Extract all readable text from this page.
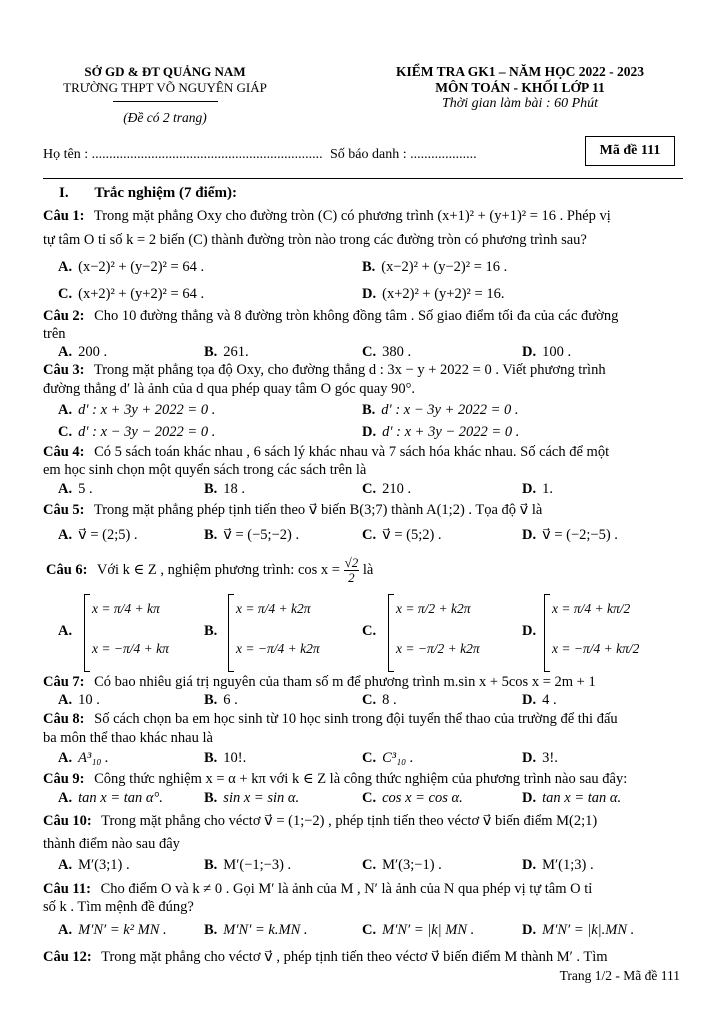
SỞ GD & ĐT QUẢNG NAM
TRƯỜNG THPT VÕ NGUYÊN GIÁP
(Đề có 2 trang)
KIỂM TRA GK1 – NĂM HỌC 2022 - 2023
MÔN TOÁN - KHỐI LỚP 11
Thời gian làm bài : 60 Phút
Họ tên : .................................................................. Số báo danh : ...................	Mã đề 111
I. Trắc nghiệm (7 điểm):
Câu 1: Trong mặt phẳng Oxy cho đường tròn (C) có phương trình (x+1)² + (y+1)² = 16 . Phép vị
tự tâm O tỉ số k = 2 biến (C) thành đường tròn nào trong các đường tròn có phương trình sau?
A. (x−2)² + (y−2)² = 64 .	B. (x−2)² + (y−2)² = 16 .
C. (x+2)² + (y+2)² = 64 .	D. (x+2)² + (y+2)² = 16.
Câu 2: Cho 10 đường thẳng và 8 đường tròn không đồng tâm . Số giao điểm tối đa của các đường
trên
A. 200 .	B. 261.	C. 380 .	D. 100 .
Câu 3: Trong mặt phẳng tọa độ Oxy, cho đường thẳng d : 3x − y + 2022 = 0 . Viết phương trình
đường thẳng d′ là ảnh của d qua phép quay tâm O góc quay 90°.
A. d′ : x + 3y + 2022 = 0 .	B. d′ : x − 3y + 2022 = 0 .
C. d′ : x − 3y − 2022 = 0 .	D. d′ : x + 3y − 2022 = 0 .
Câu 4: Có 5 sách toán khác nhau , 6 sách lý khác nhau và 7 sách hóa khác nhau. Số cách để một
em học sinh chọn một quyển sách trong các sách trên là
A. 5 .	B. 18 .	C. 210 .	D. 1.
Câu 5: Trong mặt phẳng phép tịnh tiến theo v⃗ biến B(3;7) thành A(1;2) . Tọa độ v⃗ là
A. v⃗ = (2;5) .	B. v⃗ = (−5;−2) .	C. v⃗ = (5;2) .	D. v⃗ = (−2;−5) .
Câu 6: Với k ∈ Z , nghiệm phương trình: $\cos x = \frac{√2}{2}$ là
A.
x = π/4 + kπ
x = −π/4 + kπ
B.
x = π/4 + k2π
x = −π/4 + k2π
C.
x = π/2 + k2π
x = −π/2 + k2π
D.
x = π/4 + kπ/2
x = −π/4 + kπ/2
Câu 7: Có bao nhiêu giá trị nguyên của tham số m để phương trình m.sin x + 5cos x = 2m + 1
A. 10 .	B. 6 .	C. 8 .	D. 4 .
Câu 8: Số cách chọn ba em học sinh từ 10 học sinh trong đội tuyển thể thao của trường để thi đấu
ba môn thể thao khác nhau là
A. A³₁₀ .	B. 10!.	C. C³₁₀ .	D. 3!.
Câu 9: Công thức nghiệm x = α + kπ với k ∈ Z là công thức nghiệm của phương trình nào sau đây:
A. tan x = tan α°.	B. sin x = sin α.	C. cos x = cos α.	D. tan x = tan α.
Câu 10: Trong mặt phẳng cho véctơ v⃗ = (1;−2) , phép tịnh tiến theo véctơ v⃗ biến điểm M(2;1)
thành điểm nào sau đây
A. M′(3;1) .	B. M′(−1;−3) .	C. M′(3;−1) .	D. M′(1;3) .
Câu 11: Cho điểm O và k ≠ 0 . Gọi M′ là ảnh của M , N′ là ảnh của N qua phép vị tự tâm O tỉ
số k . Tìm mệnh đề đúng?
A. M′N′ = k² MN .	B. M′N′ = k.MN .	C. M′N′ = |k| MN .	D. M′N′ = |k|.MN .
Câu 12: Trong mặt phẳng cho véctơ v⃗ , phép tịnh tiến theo véctơ v⃗ biến điểm M thành M′ . Tìm
Trang 1/2 - Mã đề 111
